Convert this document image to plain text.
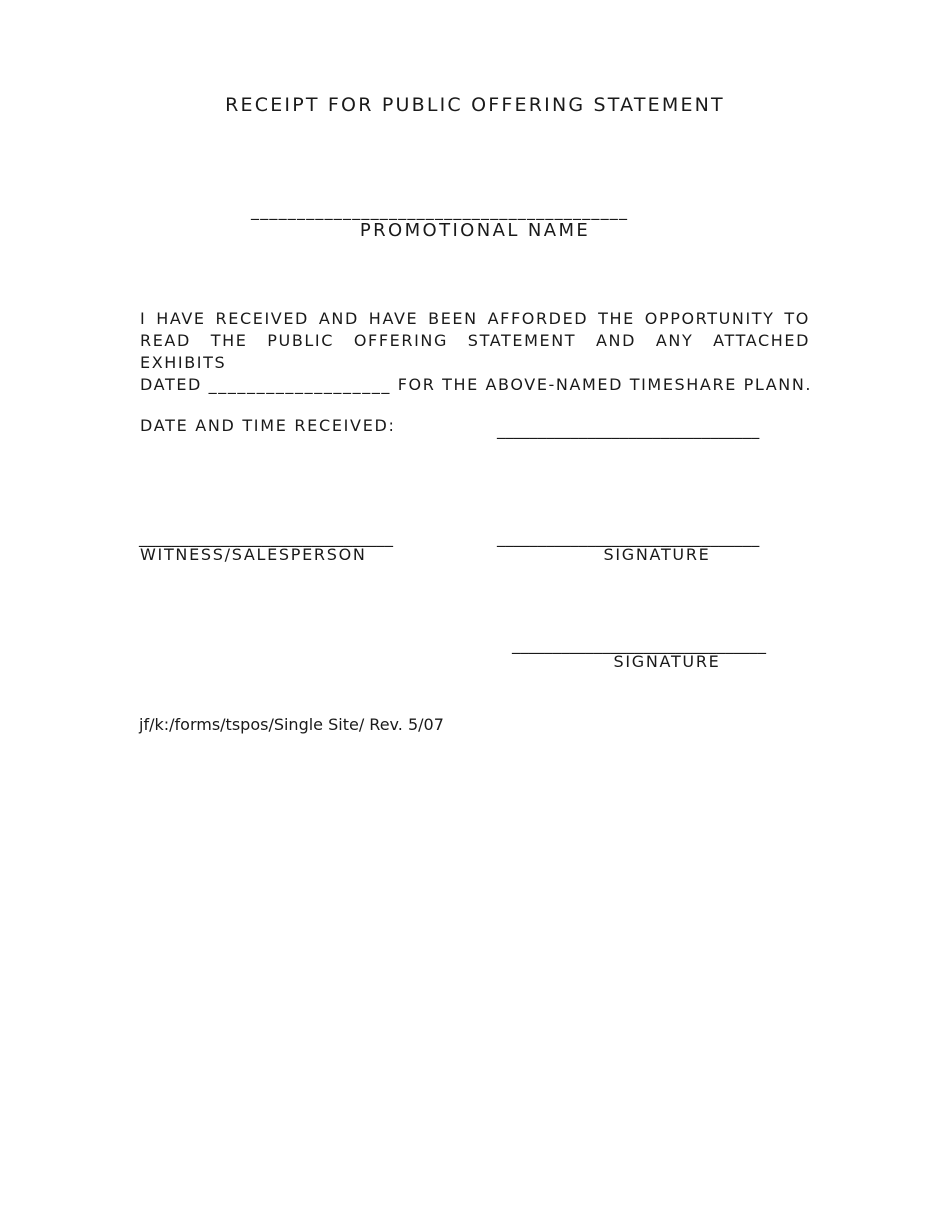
RECEIPT FOR PUBLIC OFFERING STATEMENT
_________________________________________
PROMOTIONAL NAME
I HAVE RECEIVED AND HAVE BEEN AFFORDED THE OPPORTUNITY TO
READ THE PUBLIC OFFERING STATEMENT AND ANY ATTACHED EXHIBITS
DATED ___________________ FOR THE ABOVE-NAMED TIMESHARE PLANN.
DATE AND TIME RECEIVED:	________________________________
_______________________________
WITNESS/SALESPERSON
________________________________
SIGNATURE
_______________________________
SIGNATURE
jf/k:/forms/tspos/Single Site/ Rev. 5/07
